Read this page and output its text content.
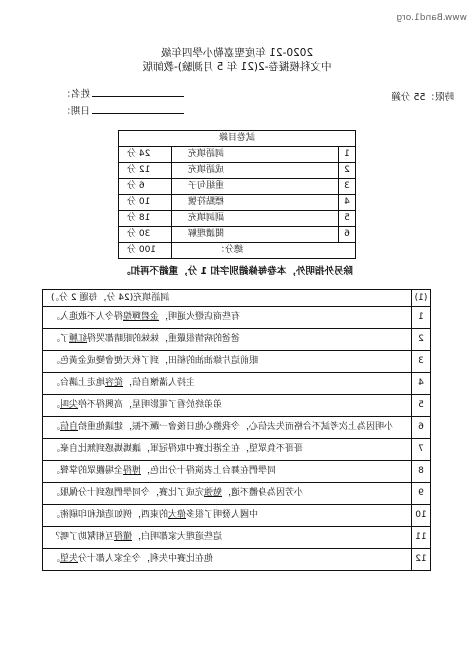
www.Band1.org
2020-21 年度聖嘉勒小學四年級
中文科模擬卷-2(21 年 5 月測驗)-教師版
姓名：
日期：
時限：55 分鐘
試卷目錄		
1	詞語填充	24 分
2	成語填充	12 分
3	重組句子	6 分
4	標點符號	10 分
5	副詞填充	18 分
6	閱讀理解	30 分
總分：		100 分
除另外指明外，本卷每條錯別字扣 1 分，重錯不再扣。
(1)	詞語填充(24 分，每題 2 分。)
1	有些商店燈火通明，金碧輝煌得令人不敢進入。
2	爸爸的病情很嚴重，妹妹的眼睛都哭得紅腫了。
3	眼前這片綠油油的稻田，到了秋天便會變成金黃色。
4	主持人滿懷自信，從容地走上講台。
5	弟弟終於看了電影明星，高興得不停尖叫。
6	小明因為上次考試不合格而失去信心，令我擔心他日後會一蹶不振，建議他重拾自信。
7	哥哥不負眾望，在全港比賽中取得冠軍，讓媽媽感到無比自豪。
8	同學們在舞台上表演得十分出色，博得全場觀眾的掌聲。
9	小芳因為身體不適，勉強完成了比賽，令同學們感到十分佩服。
10	中國人發明了很多偉大的東西，例如造紙和印刷術。
11	這些道理大家都明白，懂得互相幫助了嗎？
12	他在比賽中失利，令全家人都十分失望。
